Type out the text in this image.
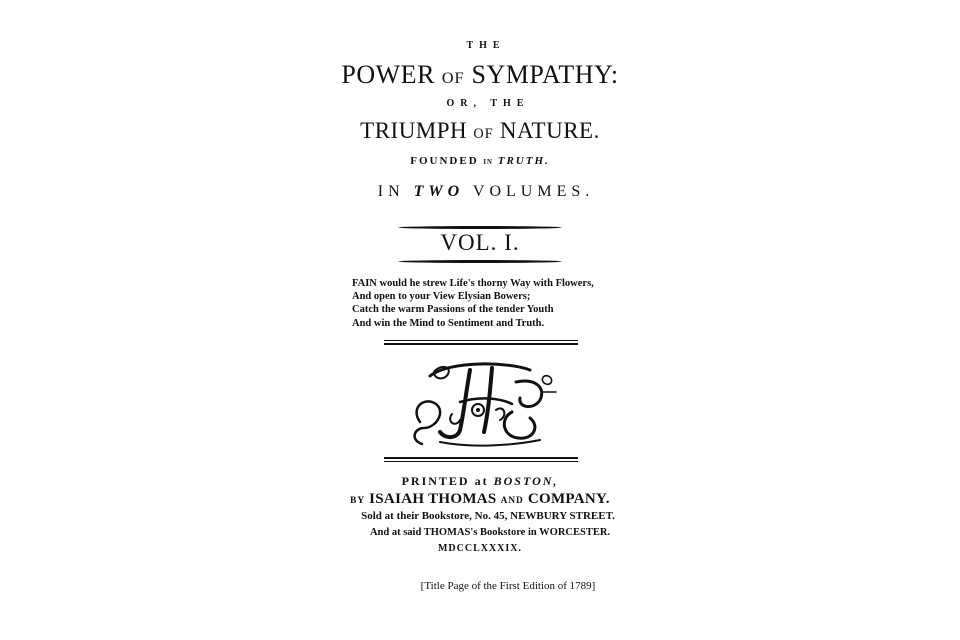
THE
POWER OF SYMPATHY:
OR, THE
TRIUMPH OF NATURE.
FOUNDED IN TRUTH.
IN TWO VOLUMES.
VOL. I.
FAIN would he strew Life's thorny Way with Flowers,
And open to your View Elysian Bowers;
Catch the warm Passions of the tender Youth
And win the Mind to Sentiment and Truth.
PRINTED at BOSTON,
BY ISAIAH THOMAS AND COMPANY.
Sold at their Bookstore, No. 45, NEWBURY STREET.
And at said THOMAS's Bookstore in WORCESTER.
MDCCLXXXIX.
[Title Page of the First Edition of 1789]
